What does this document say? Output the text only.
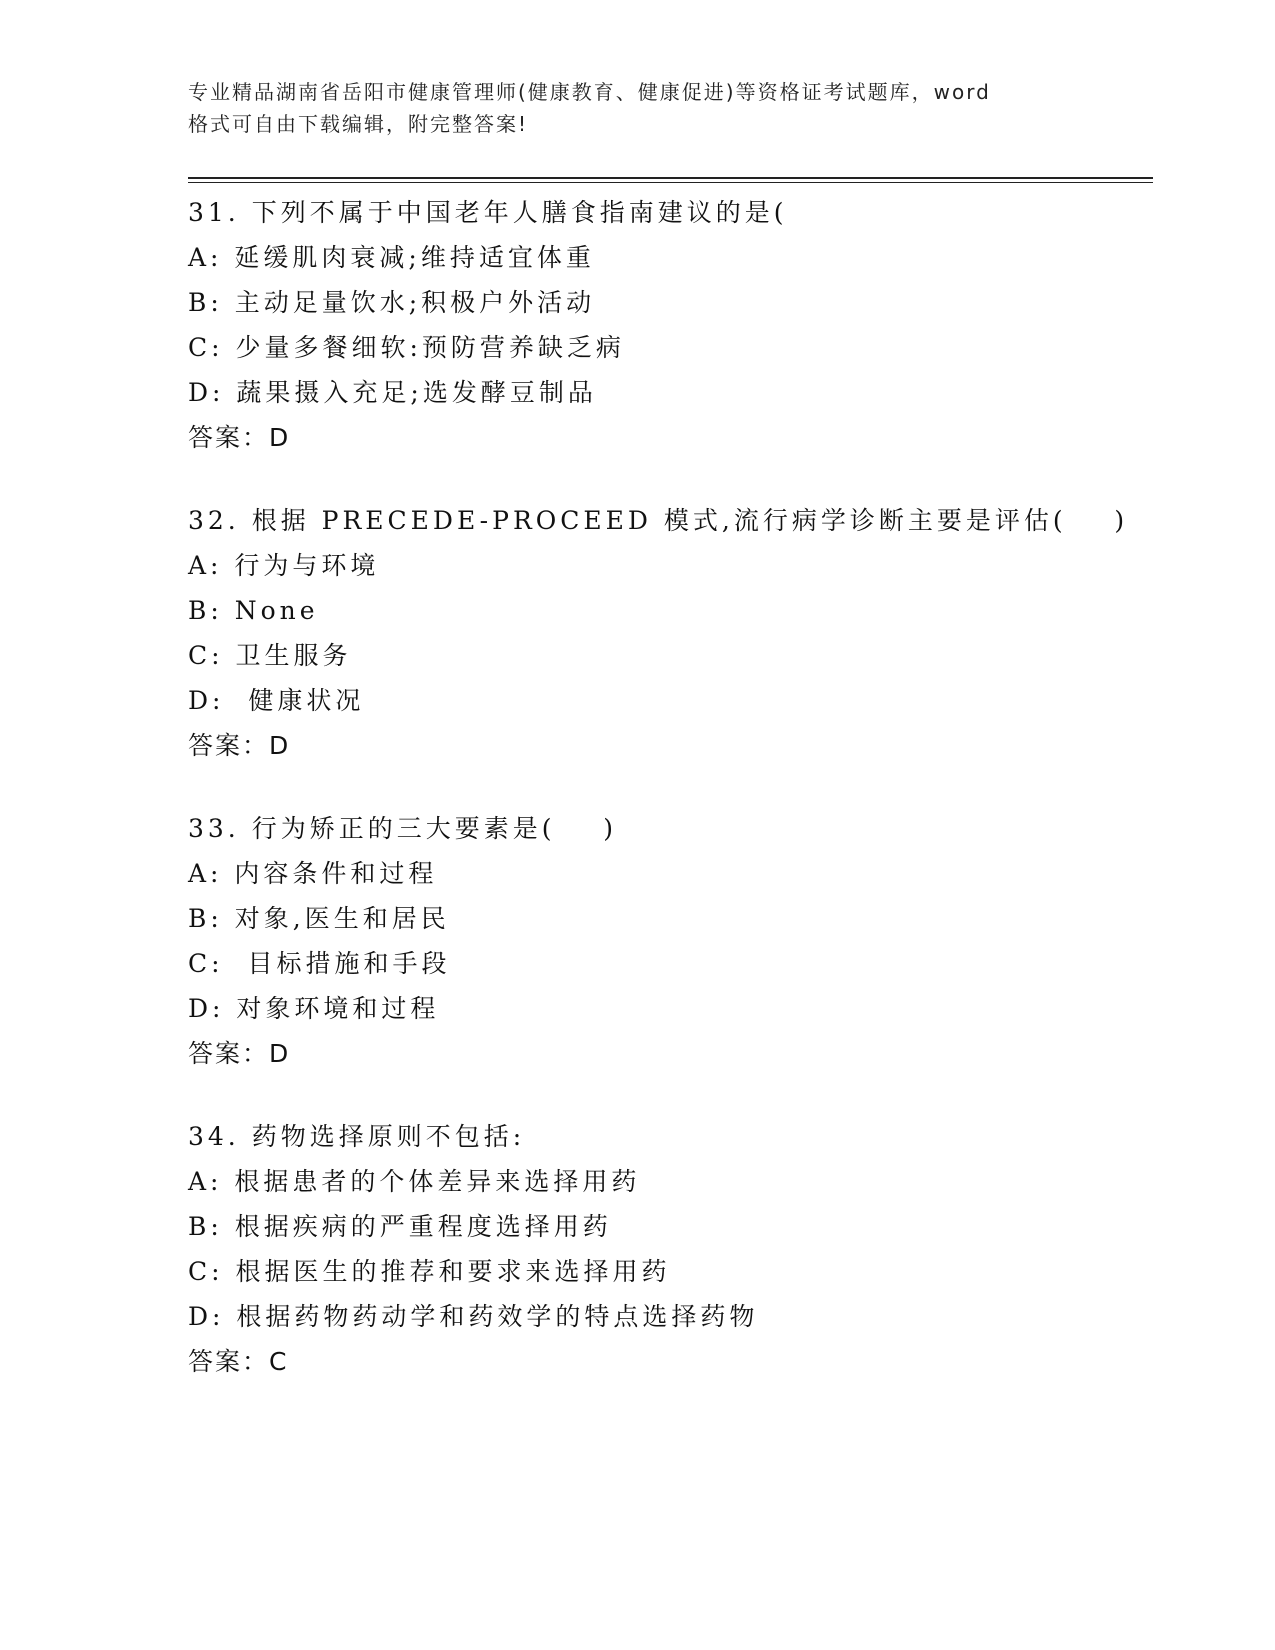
专业精品湖南省岳阳市健康管理师(健康教育、健康促进)等资格证考试题库，word
格式可自由下载编辑，附完整答案!
31. 下列不属于中国老年人膳食指南建议的是(
A: 延缓肌肉衰减;维持适宜体重
B: 主动足量饮水;积极户外活动
C: 少量多餐细软:预防营养缺乏病
D: 蔬果摄入充足;选发酵豆制品
答案：D
32. 根据 PRECEDE-PROCEED 模式,流行病学诊断主要是评估(    )
A: 行为与环境
B: None
C: 卫生服务
D:  健康状况
答案：D
33. 行为矫正的三大要素是(    )
A: 内容条件和过程
B: 对象,医生和居民
C:  目标措施和手段
D: 对象环境和过程
答案：D
34. 药物选择原则不包括:
A: 根据患者的个体差异来选择用药
B: 根据疾病的严重程度选择用药
C: 根据医生的推荐和要求来选择用药
D: 根据药物药动学和药效学的特点选择药物
答案：C
